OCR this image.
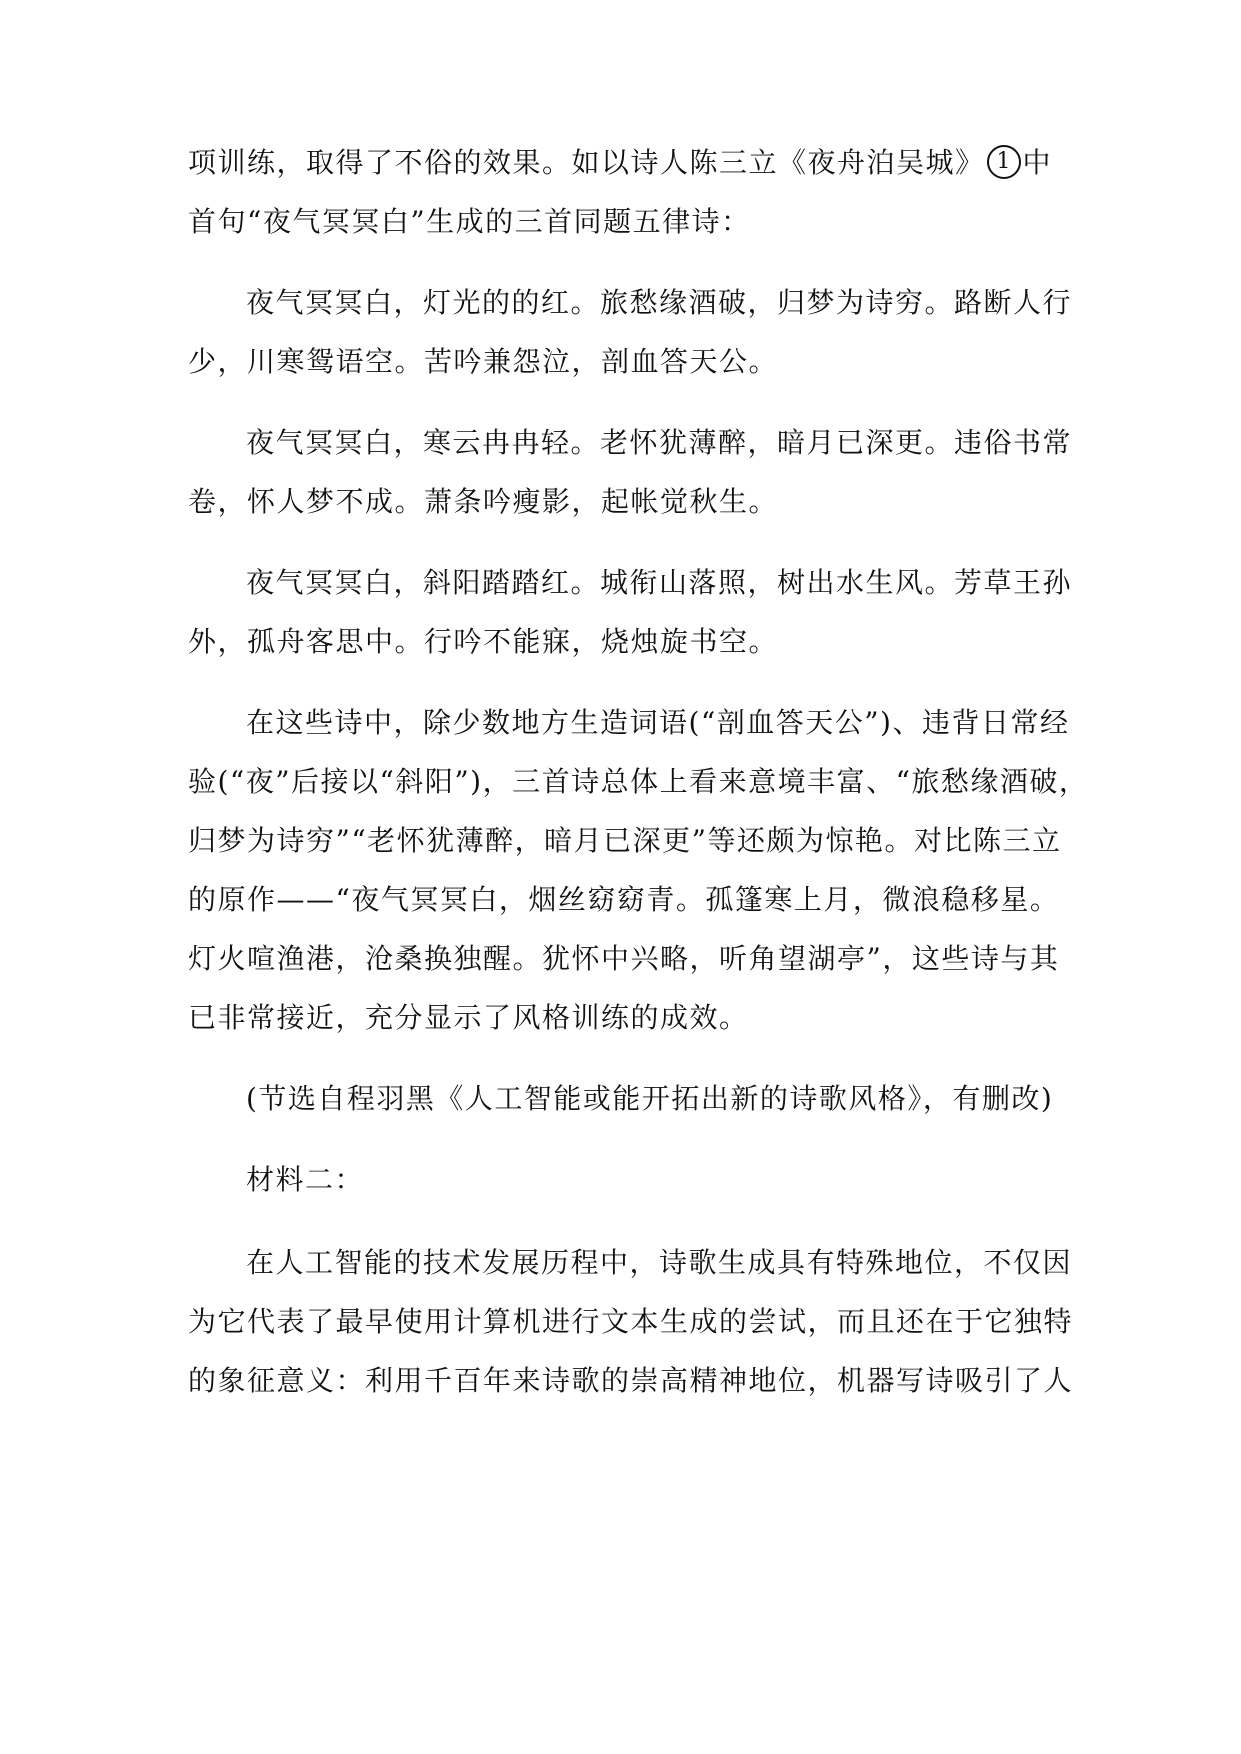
项训练，取得了不俗的效果。如以诗人陈三立《夜舟泊吴城》 1 中
首句“夜气冥冥白”生成的三首同题五律诗：
夜气冥冥白，灯光的的红。旅愁缘酒破，归梦为诗穷。路断人行
少，川寒鸳语空。苦吟兼怨泣，剖血答天公。
夜气冥冥白，寒云冉冉轻。老怀犹薄醉，暗月已深更。违俗书常
卷，怀人梦不成。萧条吟瘦影，起帐觉秋生。
夜气冥冥白，斜阳踏踏红。城衔山落照，树出水生风。芳草王孙
外，孤舟客思中。行吟不能寐，烧烛旋书空。
在这些诗中，除少数地方生造词语(“剖血答天公”)、违背日常经
验(“夜”后接以“斜阳”)，三首诗总体上看来意境丰富、“旅愁缘酒破，
归梦为诗穷”“老怀犹薄醉，暗月已深更”等还颇为惊艳。对比陈三立
的原作——“夜气冥冥白，烟丝窈窈青。孤篷寒上月，微浪稳移星。
灯火喧渔港，沧桑换独醒。犹怀中兴略，听角望湖亭”，这些诗与其
已非常接近，充分显示了风格训练的成效。
(节选自程羽黑《人工智能或能开拓出新的诗歌风格》，有删改)
材料二：
在人工智能的技术发展历程中，诗歌生成具有特殊地位，不仅因
为它代表了最早使用计算机进行文本生成的尝试，而且还在于它独特
的象征意义：利用千百年来诗歌的崇高精神地位，机器写诗吸引了人
